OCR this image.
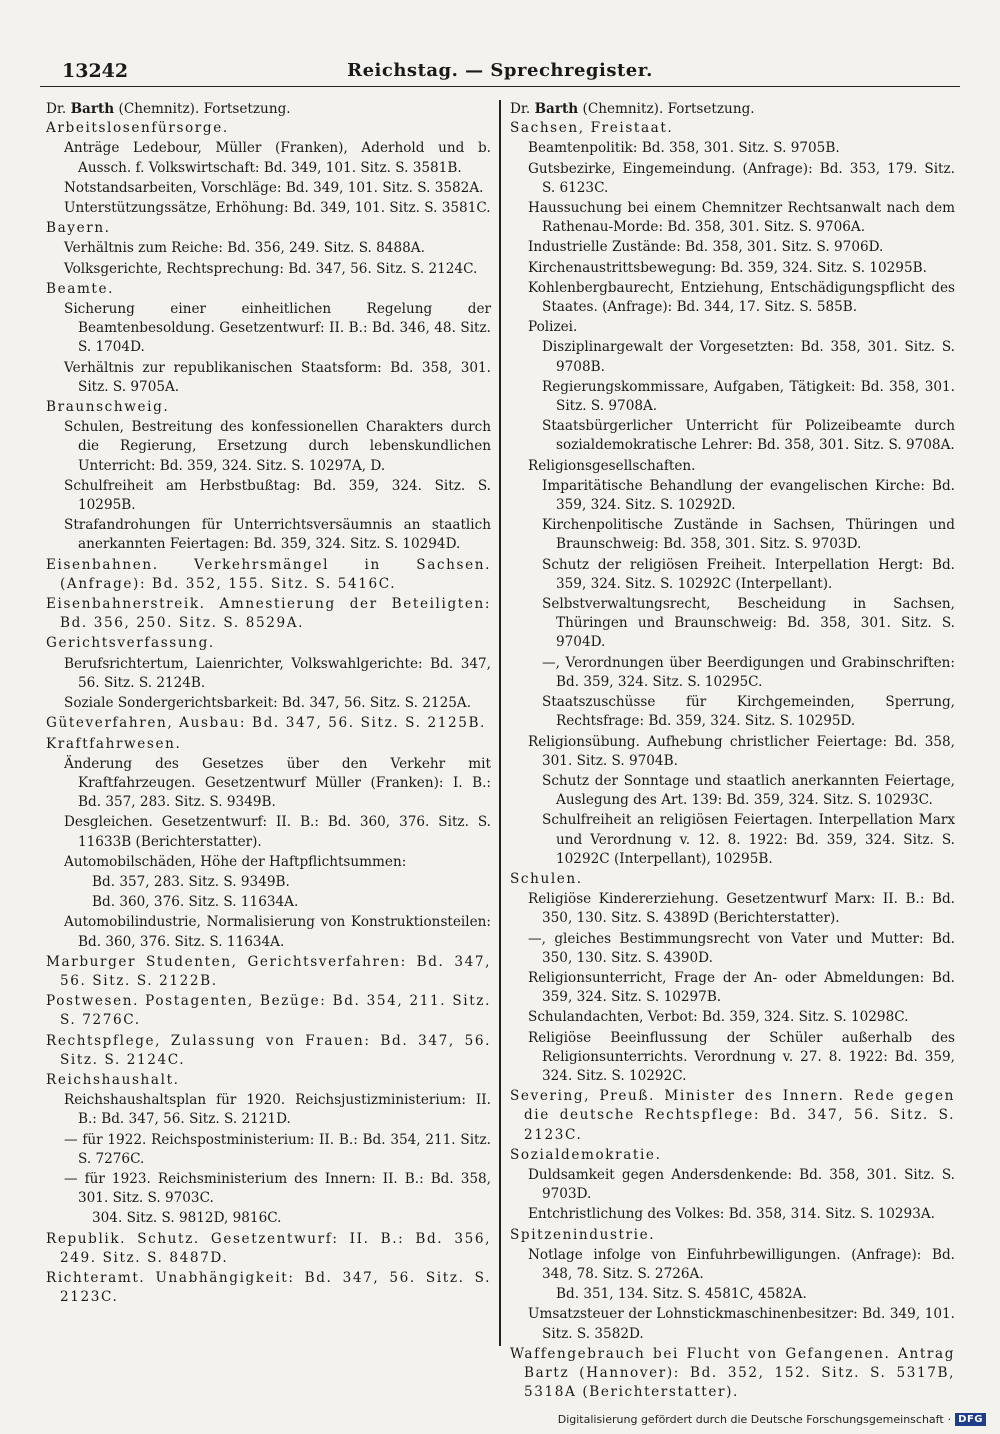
13242	Reichstag. — Sprechregister.

Dr. Barth (Chemnitz). Fortsetzung.

Arbeitslosenfürsorge.

Anträge Ledebour, Müller (Franken), Aderhold und b. Aussch. f. Volkswirtschaft: Bd. 349, 101. Sitz. S. 3581B.

Notstandsarbeiten, Vorschläge: Bd. 349, 101. Sitz. S. 3582A.

Unterstützungssätze, Erhöhung: Bd. 349, 101. Sitz. S. 3581C.

Bayern.

Verhältnis zum Reiche: Bd. 356, 249. Sitz. S. 8488A.

Volksgerichte, Rechtsprechung: Bd. 347, 56. Sitz. S. 2124C.

Beamte.

Sicherung einer einheitlichen Regelung der Beamtenbesoldung. Gesetzentwurf: II. B.: Bd. 346, 48. Sitz. S. 1704D.

Verhältnis zur republikanischen Staatsform: Bd. 358, 301. Sitz. S. 9705A.

Braunschweig.

Schulen, Bestreitung des konfessionellen Charakters durch die Regierung, Ersetzung durch lebenskundlichen Unterricht: Bd. 359, 324. Sitz. S. 10297A, D.

Schulfreiheit am Herbstbußtag: Bd. 359, 324. Sitz. S. 10295B.

Strafandrohungen für Unterrichtsversäumnis an staatlich anerkannten Feiertagen: Bd. 359, 324. Sitz. S. 10294D.

Eisenbahnen. Verkehrsmängel in Sachsen. (Anfrage): Bd. 352, 155. Sitz. S. 5416C.

Eisenbahnerstreik. Amnestierung der Beteiligten: Bd. 356, 250. Sitz. S. 8529A.

Gerichtsverfassung.

Berufsrichtertum, Laienrichter, Volkswahlgerichte: Bd. 347, 56. Sitz. S. 2124B.

Soziale Sondergerichtsbarkeit: Bd. 347, 56. Sitz. S. 2125A.

Güteverfahren, Ausbau: Bd. 347, 56. Sitz. S. 2125B.

Kraftfahrwesen.

Änderung des Gesetzes über den Verkehr mit Kraftfahrzeugen. Gesetzentwurf Müller (Franken): I. B.: Bd. 357, 283. Sitz. S. 9349B.

Desgleichen. Gesetzentwurf: II. B.: Bd. 360, 376. Sitz. S. 11633B (Berichterstatter).

Automobilschäden, Höhe der Haftpflichtsummen:

Bd. 357, 283. Sitz. S. 9349B.

Bd. 360, 376. Sitz. S. 11634A.

Automobilindustrie, Normalisierung von Konstruktionsteilen: Bd. 360, 376. Sitz. S. 11634A.

Marburger Studenten, Gerichtsverfahren: Bd. 347, 56. Sitz. S. 2122B.

Postwesen. Postagenten, Bezüge: Bd. 354, 211. Sitz. S. 7276C.

Rechtspflege, Zulassung von Frauen: Bd. 347, 56. Sitz. S. 2124C.

Reichshaushalt.

Reichshaushaltsplan für 1920. Reichsjustizministerium: II. B.: Bd. 347, 56. Sitz. S. 2121D.

— für 1922. Reichspostministerium: II. B.: Bd. 354, 211. Sitz. S. 7276C.

— für 1923. Reichsministerium des Innern: II. B.: Bd. 358, 301. Sitz. S. 9703C.

304. Sitz. S. 9812D, 9816C.

Republik. Schutz. Gesetzentwurf: II. B.: Bd. 356, 249. Sitz. S. 8487D.

Richteramt. Unabhängigkeit: Bd. 347, 56. Sitz. S. 2123C.

Dr. Barth (Chemnitz). Fortsetzung.

Sachsen, Freistaat.

Beamtenpolitik: Bd. 358, 301. Sitz. S. 9705B.

Gutsbezirke, Eingemeindung. (Anfrage): Bd. 353, 179. Sitz. S. 6123C.

Haussuchung bei einem Chemnitzer Rechtsanwalt nach dem Rathenau-Morde: Bd. 358, 301. Sitz. S. 9706A.

Industrielle Zustände: Bd. 358, 301. Sitz. S. 9706D.

Kirchenaustrittsbewegung: Bd. 359, 324. Sitz. S. 10295B.

Kohlenbergbaurecht, Entziehung, Entschädigungspflicht des Staates. (Anfrage): Bd. 344, 17. Sitz. S. 585B.

Polizei.

Disziplinargewalt der Vorgesetzten: Bd. 358, 301. Sitz. S. 9708B.

Regierungskommissare, Aufgaben, Tätigkeit: Bd. 358, 301. Sitz. S. 9708A.

Staatsbürgerlicher Unterricht für Polizeibeamte durch sozialdemokratische Lehrer: Bd. 358, 301. Sitz. S. 9708A.

Religionsgesellschaften.

Imparitätische Behandlung der evangelischen Kirche: Bd. 359, 324. Sitz. S. 10292D.

Kirchenpolitische Zustände in Sachsen, Thüringen und Braunschweig: Bd. 358, 301. Sitz. S. 9703D.

Schutz der religiösen Freiheit. Interpellation Hergt: Bd. 359, 324. Sitz. S. 10292C (Interpellant).

Selbstverwaltungsrecht, Bescheidung in Sachsen, Thüringen und Braunschweig: Bd. 358, 301. Sitz. S. 9704D.

—, Verordnungen über Beerdigungen und Grabinschriften: Bd. 359, 324. Sitz. S. 10295C.

Staatszuschüsse für Kirchgemeinden, Sperrung, Rechtsfrage: Bd. 359, 324. Sitz. S. 10295D.

Religionsübung. Aufhebung christlicher Feiertage: Bd. 358, 301. Sitz. S. 9704B.

Schutz der Sonntage und staatlich anerkannten Feiertage, Auslegung des Art. 139: Bd. 359, 324. Sitz. S. 10293C.

Schulfreiheit an religiösen Feiertagen. Interpellation Marx und Verordnung v. 12. 8. 1922: Bd. 359, 324. Sitz. S. 10292C (Interpellant), 10295B.

Schulen.

Religiöse Kindererziehung. Gesetzentwurf Marx: II. B.: Bd. 350, 130. Sitz. S. 4389D (Berichterstatter).

—, gleiches Bestimmungsrecht von Vater und Mutter: Bd. 350, 130. Sitz. S. 4390D.

Religionsunterricht, Frage der An- oder Abmeldungen: Bd. 359, 324. Sitz. S. 10297B.

Schulandachten, Verbot: Bd. 359, 324. Sitz. S. 10298C.

Religiöse Beeinflussung der Schüler außerhalb des Religionsunterrichts. Verordnung v. 27. 8. 1922: Bd. 359, 324. Sitz. S. 10292C.

Severing, Preuß. Minister des Innern. Rede gegen die deutsche Rechtspflege: Bd. 347, 56. Sitz. S. 2123C.

Sozialdemokratie.

Duldsamkeit gegen Andersdenkende: Bd. 358, 301. Sitz. S. 9703D.

Entchristlichung des Volkes: Bd. 358, 314. Sitz. S. 10293A.

Spitzenindustrie.

Notlage infolge von Einfuhrbewilligungen. (Anfrage): Bd. 348, 78. Sitz. S. 2726A.

Bd. 351, 134. Sitz. S. 4581C, 4582A.

Umsatzsteuer der Lohnstickmaschinenbesitzer: Bd. 349, 101. Sitz. S. 3582D.

Waffengebrauch bei Flucht von Gefangenen. Antrag Bartz (Hannover): Bd. 352, 152. Sitz. S. 5317B, 5318A (Berichterstatter).

Digitalisierung gefördert durch die Deutsche Forschungsgemeinschaft · DFG
